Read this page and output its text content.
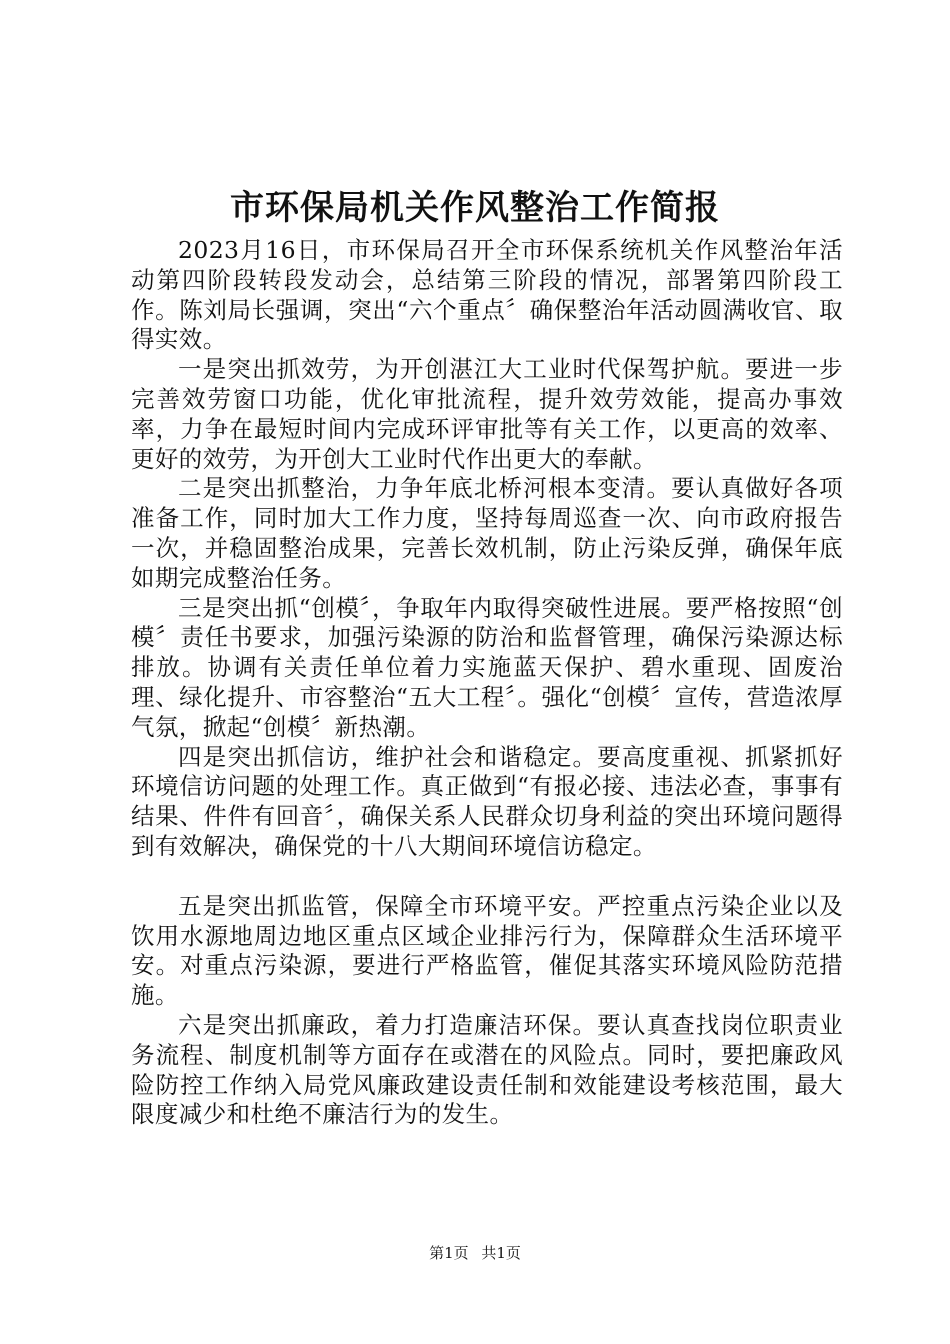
市环保局机关作风整治工作简报

2023月16日，市环保局召开全市环保系统机关作风整治年活动第四阶段转段发动会，总结第三阶段的情况，部署第四阶段工作。陈刘局长强调，突出“六个重点〞确保整治年活动圆满收官、取得实效。

一是突出抓效劳，为开创湛江大工业时代保驾护航。要进一步完善效劳窗口功能，优化审批流程，提升效劳效能，提高办事效率，力争在最短时间内完成环评审批等有关工作，以更高的效率、更好的效劳，为开创大工业时代作出更大的奉献。

二是突出抓整治，力争年底北桥河根本变清。要认真做好各项准备工作，同时加大工作力度，坚持每周巡查一次、向市政府报告一次，并稳固整治成果，完善长效机制，防止污染反弹，确保年底如期完成整治任务。

三是突出抓“创模〞，争取年内取得突破性进展。要严格按照“创模〞责任书要求，加强污染源的防治和监督管理，确保污染源达标排放。协调有关责任单位着力实施蓝天保护、碧水重现、固废治理、绿化提升、市容整治“五大工程〞。强化“创模〞宣传，营造浓厚气氛，掀起“创模〞新热潮。

四是突出抓信访，维护社会和谐稳定。要高度重视、抓紧抓好环境信访问题的处理工作。真正做到“有报必接、违法必查，事事有结果、件件有回音〞，确保关系人民群众切身利益的突出环境问题得到有效解决，确保党的十八大期间环境信访稳定。

五是突出抓监管，保障全市环境平安。严控重点污染企业以及饮用水源地周边地区重点区域企业排污行为，保障群众生活环境平安。对重点污染源，要进行严格监管，催促其落实环境风险防范措施。

六是突出抓廉政，着力打造廉洁环保。要认真查找岗位职责业务流程、制度机制等方面存在或潜在的风险点。同时，要把廉政风险防控工作纳入局党风廉政建设责任制和效能建设考核范围，最大限度减少和杜绝不廉洁行为的发生。

第1页 共1页
